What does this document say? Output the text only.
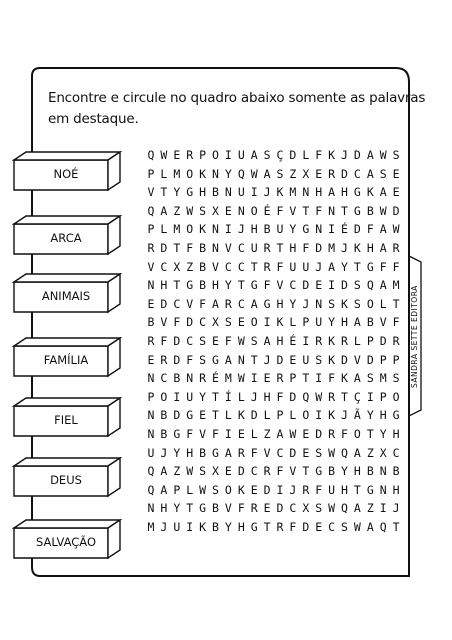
Encontre e circule no quadro abaixo somente as palavras
em destaque.
NOÉ
ARCA
ANIMAIS
FAMÍLIA
FIEL
DEUS
SALVAÇÃO
Q W E R P O I U A S Ç D L F K J D A W S
P L M O K N Y Q W A S Z X E R D C A S E
V T Y G H B N U I J K M N H A H G K A E
Q A Z W S X E N O É F V T F N T G B W D
P L M O K N I J H B U Y G N I É D F A W
R D T F B N V C U R T H F D M J K H A R
V C X Z B V C C T R F U U J A Y T G F F
N H T G B H Y T G F V C D E I D S Q A M
E D C V F A R C A G H Y J N S K S O L T
B V F D C X S E O I K L P U Y H A B V F
R F D C S E F W S A H É I R K R L P D R
E R D F S G A N T J D E U S K D V D P P
N C B N R É M W I E R P T I F K A S M S
P O I U Y T Í L J H F D Q W R T Ç I P O
N B D G E T L K D L P L O I K J Ã Y H G
N B G F V F I E L Z A W E D R F O T Y H
U J Y H B G A R F V C D E S W Q A Z X C
Q A Z W S X E D C R F V T G B Y H B N B
Q A P L W S O K E D I J R F U H T G N H
N H Y T G B V F R E D C X S W Q A Z I J
M J U I K B Y H G T R F D E C S W A Q T
SANDRA SETTE EDITORA
